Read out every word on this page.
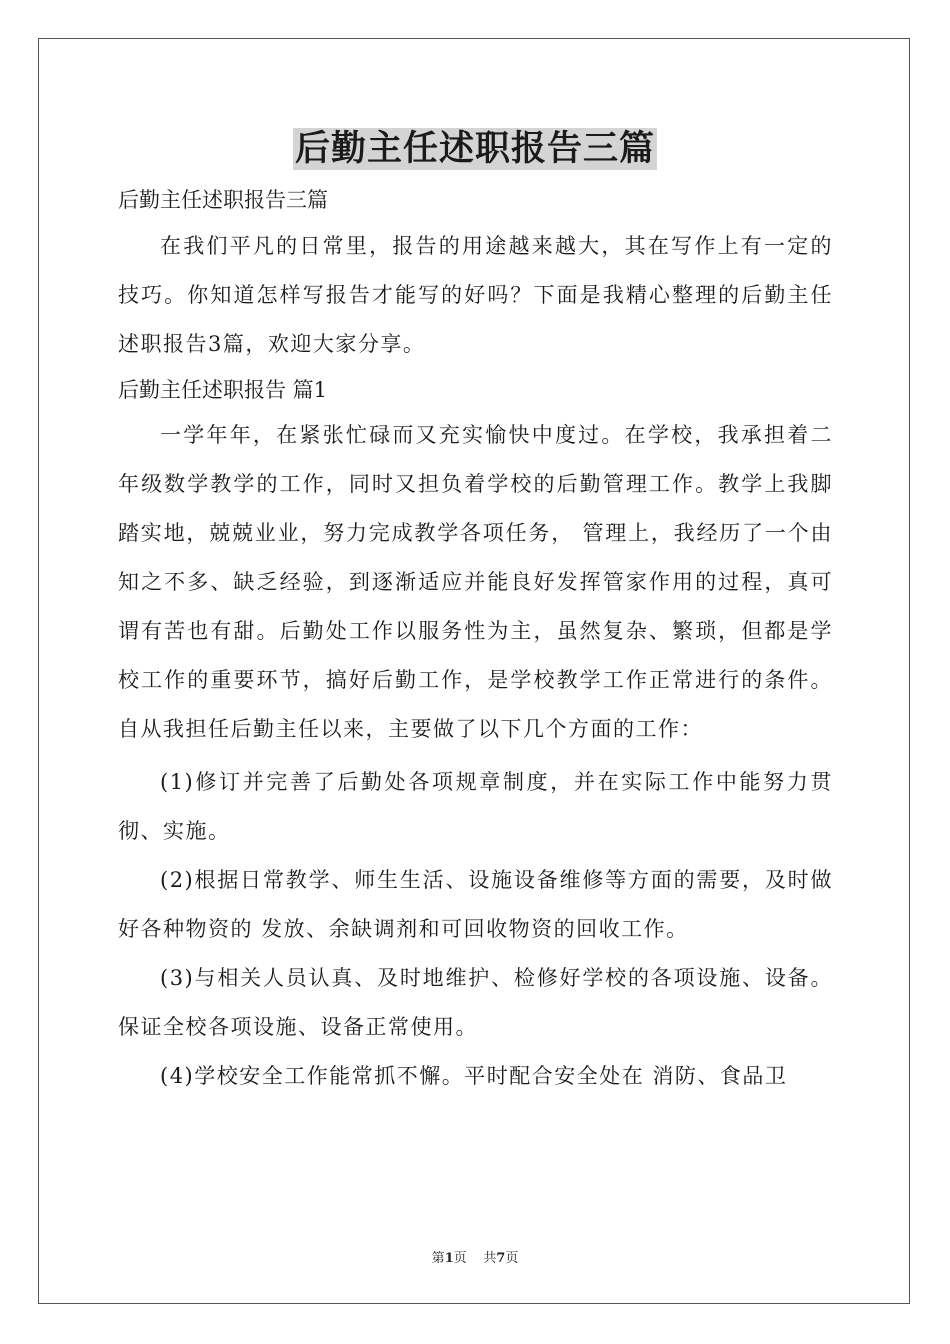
后勤主任述职报告三篇
后勤主任述职报告三篇
在我们平凡的日常里，报告的用途越来越大，其在写作上有一定的技巧。你知道怎样写报告才能写的好吗？下面是我精心整理的后勤主任述职报告3篇，欢迎大家分享。
后勤主任述职报告 篇1
一学年年，在紧张忙碌而又充实愉快中度过。在学校，我承担着二年级数学教学的工作，同时又担负着学校的后勤管理工作。教学上我脚踏实地，兢兢业业，努力完成教学各项任务， 管理上，我经历了一个由知之不多、缺乏经验，到逐渐适应并能良好发挥管家作用的过程，真可谓有苦也有甜。后勤处工作以服务性为主，虽然复杂、繁琐，但都是学校工作的重要环节，搞好后勤工作，是学校教学工作正常进行的条件。自从我担任后勤主任以来，主要做了以下几个方面的工作：
(1)修订并完善了后勤处各项规章制度，并在实际工作中能努力贯彻、实施。
(2)根据日常教学、师生生活、设施设备维修等方面的需要，及时做好各种物资的 发放、余缺调剂和可回收物资的回收工作。
(3)与相关人员认真、及时地维护、检修好学校的各项设施、设备。保证全校各项设施、设备正常使用。
(4)学校安全工作能常抓不懈。平时配合安全处在 消防、食品卫
第1页    共7页
